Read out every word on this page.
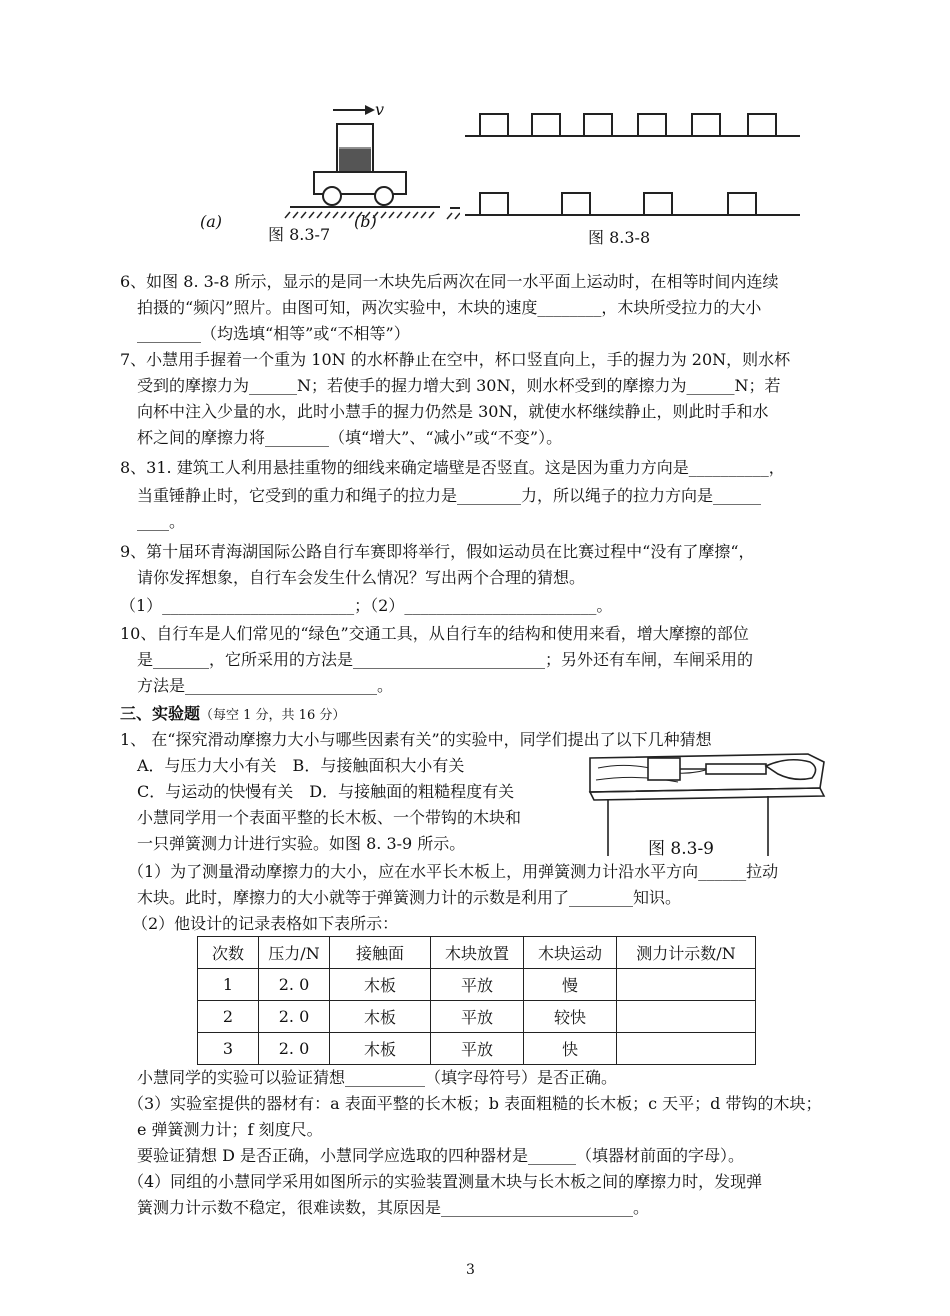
v
(a)	(b)
图 8.3-7	图 8.3-8
6、如图 8. 3-8 所示，显示的是同一木块先后两次在同一水平面上运动时，在相等时间内连续
拍摄的“频闪”照片。由图可知，两次实验中，木块的速度________，木块所受拉力的大小
________（均选填“相等”或“不相等”）
7、小慧用手握着一个重为 10N 的水杯静止在空中，杯口竖直向上，手的握力为 20N，则水杯
受到的摩擦力为______N；若使手的握力增大到 30N，则水杯受到的摩擦力为______N；若
向杯中注入少量的水，此时小慧手的握力仍然是 30N，就使水杯继续静止，则此时手和水
杯之间的摩擦力将________（填“增大”、“减小”或“不变”）。
8、31. 建筑工人利用悬挂重物的细线来确定墙壁是否竖直。这是因为重力方向是__________，
当重锤静止时，它受到的重力和绳子的拉力是________力，所以绳子的拉力方向是______
____。
9、第十届环青海湖国际公路自行车赛即将举行，假如运动员在比赛过程中“没有了摩擦“，
请你发挥想象，自行车会发生什么情况？写出两个合理的猜想。
（1）________________________；（2）________________________。
10、自行车是人们常见的“绿色”交通工具，从自行车的结构和使用来看，增大摩擦的部位
是_______，它所采用的方法是________________________；另外还有车闸，车闸采用的
方法是________________________。
三、实验题（每空 1 分，共 16 分）
1、 在“探究滑动摩擦力大小与哪些因素有关”的实验中，同学们提出了以下几种猜想
A．与压力大小有关　B．与接触面积大小有关
C．与运动的快慢有关　D．与接触面的粗糙程度有关
小慧同学用一个表面平整的长木板、一个带钩的木块和
一只弹簧测力计进行实验。如图 8. 3-9 所示。	图 8.3-9
（1）为了测量滑动摩擦力的大小，应在水平长木板上，用弹簧测力计沿水平方向______拉动
木块。此时，摩擦力的大小就等于弹簧测力计的示数是利用了________知识。
（2）他设计的记录表格如下表所示：
次数	压力/N	接触面	木块放置	木块运动	测力计示数/N
1	2. 0	木板	平放	慢	
2	2. 0	木板	平放	较快	
3	2. 0	木板	平放	快	
小慧同学的实验可以验证猜想__________（填字母符号）是否正确。
（3）实验室提供的器材有：a 表面平整的长木板；b 表面粗糙的长木板；c 天平；d 带钩的木块；
e 弹簧测力计；f 刻度尺。
要验证猜想 D 是否正确，小慧同学应选取的四种器材是______（填器材前面的字母）。
（4）同组的小慧同学采用如图所示的实验装置测量木块与长木板之间的摩擦力时，发现弹
簧测力计示数不稳定，很难读数，其原因是________________________。
3
